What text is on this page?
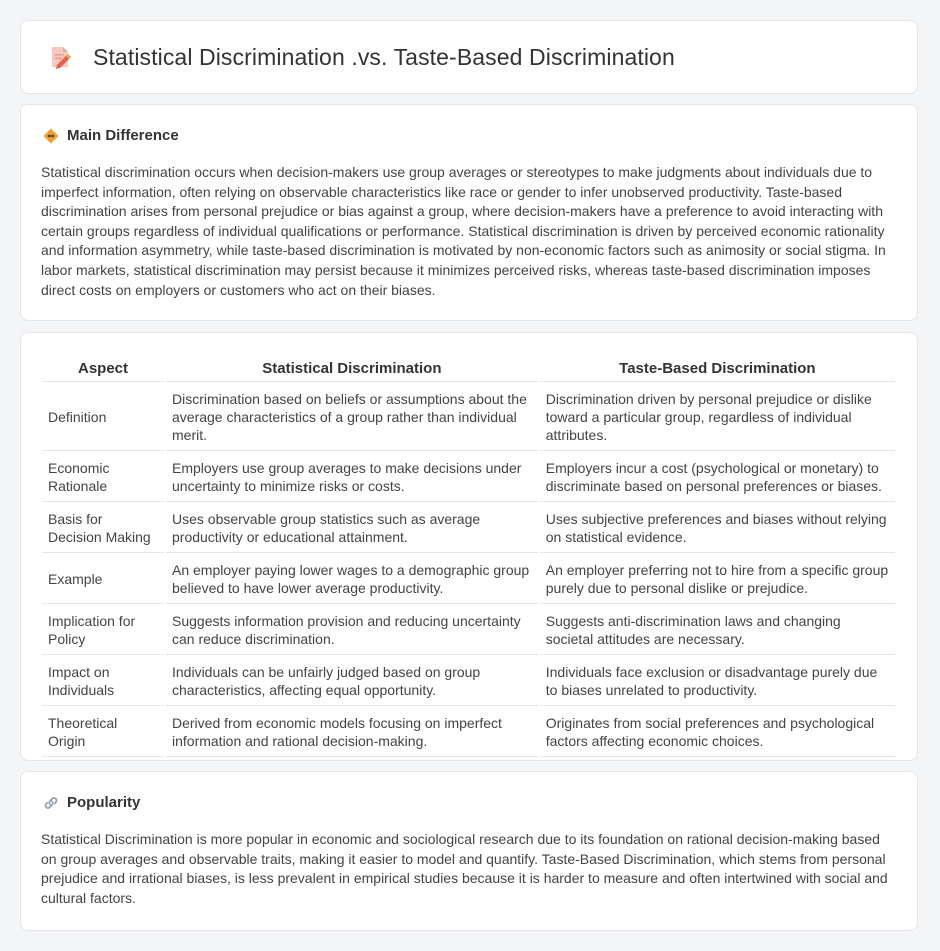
Statistical Discrimination .vs. Taste-Based Discrimination
Main Difference

Statistical discrimination occurs when decision-makers use group averages or stereotypes to make judgments about individuals due to imperfect information, often relying on observable characteristics like race or gender to infer unobserved productivity. Taste-based discrimination arises from personal prejudice or bias against a group, where decision-makers have a preference to avoid interacting with certain groups regardless of individual qualifications or performance. Statistical discrimination is driven by perceived economic rationality and information asymmetry, while taste-based discrimination is motivated by non-economic factors such as animosity or social stigma. In labor markets, statistical discrimination may persist because it minimizes perceived risks, whereas taste-based discrimination imposes direct costs on employers or customers who act on their biases.

Aspect	Statistical Discrimination	Taste-Based Discrimination
Definition	Discrimination based on beliefs or assumptions about the average characteristics of a group rather than individual merit.	Discrimination driven by personal prejudice or dislike toward a particular group, regardless of individual attributes.
Economic Rationale	Employers use group averages to make decisions under uncertainty to minimize risks or costs.	Employers incur a cost (psychological or monetary) to discriminate based on personal preferences or biases.
Basis for Decision Making	Uses observable group statistics such as average productivity or educational attainment.	Uses subjective preferences and biases without relying on statistical evidence.
Example	An employer paying lower wages to a demographic group believed to have lower average productivity.	An employer preferring not to hire from a specific group purely due to personal dislike or prejudice.
Implication for Policy	Suggests information provision and reducing uncertainty can reduce discrimination.	Suggests anti-discrimination laws and changing societal attitudes are necessary.
Impact on Individuals	Individuals can be unfairly judged based on group characteristics, affecting equal opportunity.	Individuals face exclusion or disadvantage purely due to biases unrelated to productivity.
Theoretical Origin	Derived from economic models focusing on imperfect information and rational decision-making.	Originates from social preferences and psychological factors affecting economic choices.
Popularity

Statistical Discrimination is more popular in economic and sociological research due to its foundation on rational decision-making based on group averages and observable traits, making it easier to model and quantify. Taste-Based Discrimination, which stems from personal prejudice and irrational biases, is less prevalent in empirical studies because it is harder to measure and often intertwined with social and cultural factors.
